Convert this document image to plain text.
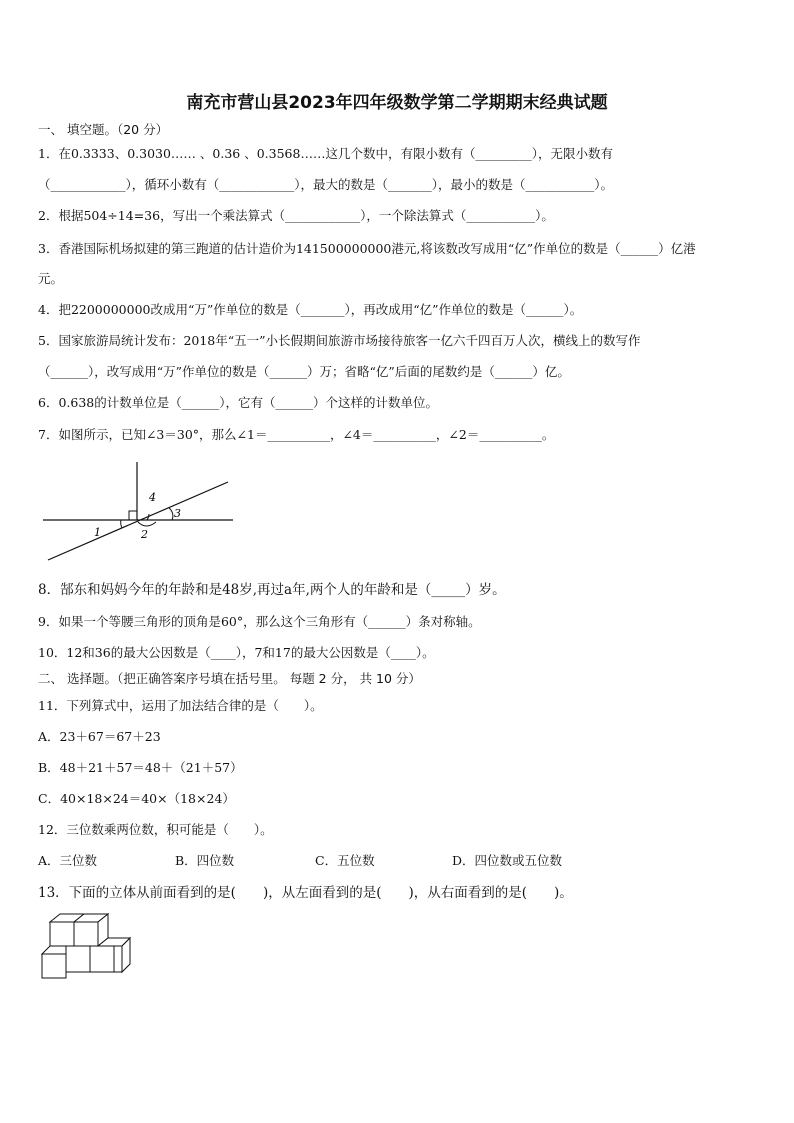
南充市营山县2023年四年级数学第二学期期末经典试题
一、 填空题。（20 分）
1．在0.3333、0.3030…… 、0.36 、0.3568……这几个数中，有限小数有（_________），无限小数有
（____________），循环小数有（____________），最大的数是（_______），最小的数是（___________）。
2．根据504÷14=36，写出一个乘法算式（____________），一个除法算式（___________）。
3．香港国际机场拟建的第三跑道的估计造价为141500000000港元,将该数改写成用“亿”作单位的数是（______）亿港
元。
4．把2200000000改成用“万”作单位的数是（_______），再改成用“亿”作单位的数是（______）。
5．国家旅游局统计发布：2018年“五一”小长假期间旅游市场接待旅客一亿六千四百万人次，横线上的数写作
（______），改写成用“万”作单位的数是（______）万；省略“亿”后面的尾数约是（______）亿。
6．0.638的计数单位是（______），它有（______）个这样的计数单位。
7．如图所示，已知∠3＝30°，那么∠1＝__________，∠4＝__________，∠2＝__________。
4
3
1	2
8．郜东和妈妈今年的年龄和是48岁,再过a年,两个人的年龄和是（_____）岁。
9．如果一个等腰三角形的顶角是60°，那么这个三角形有（______）条对称轴。
10．12和36的最大公因数是（____），7和17的最大公因数是（____）。
二、 选择题。（把正确答案序号填在括号里。 每题 2 分， 共 10 分）
11．下列算式中，运用了加法结合律的是（　　）。
A．23＋67＝67＋23
B．48＋21＋57＝48＋（21＋57）
C．40×18×24＝40×（18×24）
12．三位数乘两位数，积可能是（　　）。
A．三位数	B．四位数	C．五位数	D．四位数或五位数
13．下面的立体从前面看到的是(　　)，从左面看到的是(　　)，从右面看到的是(　　)。
